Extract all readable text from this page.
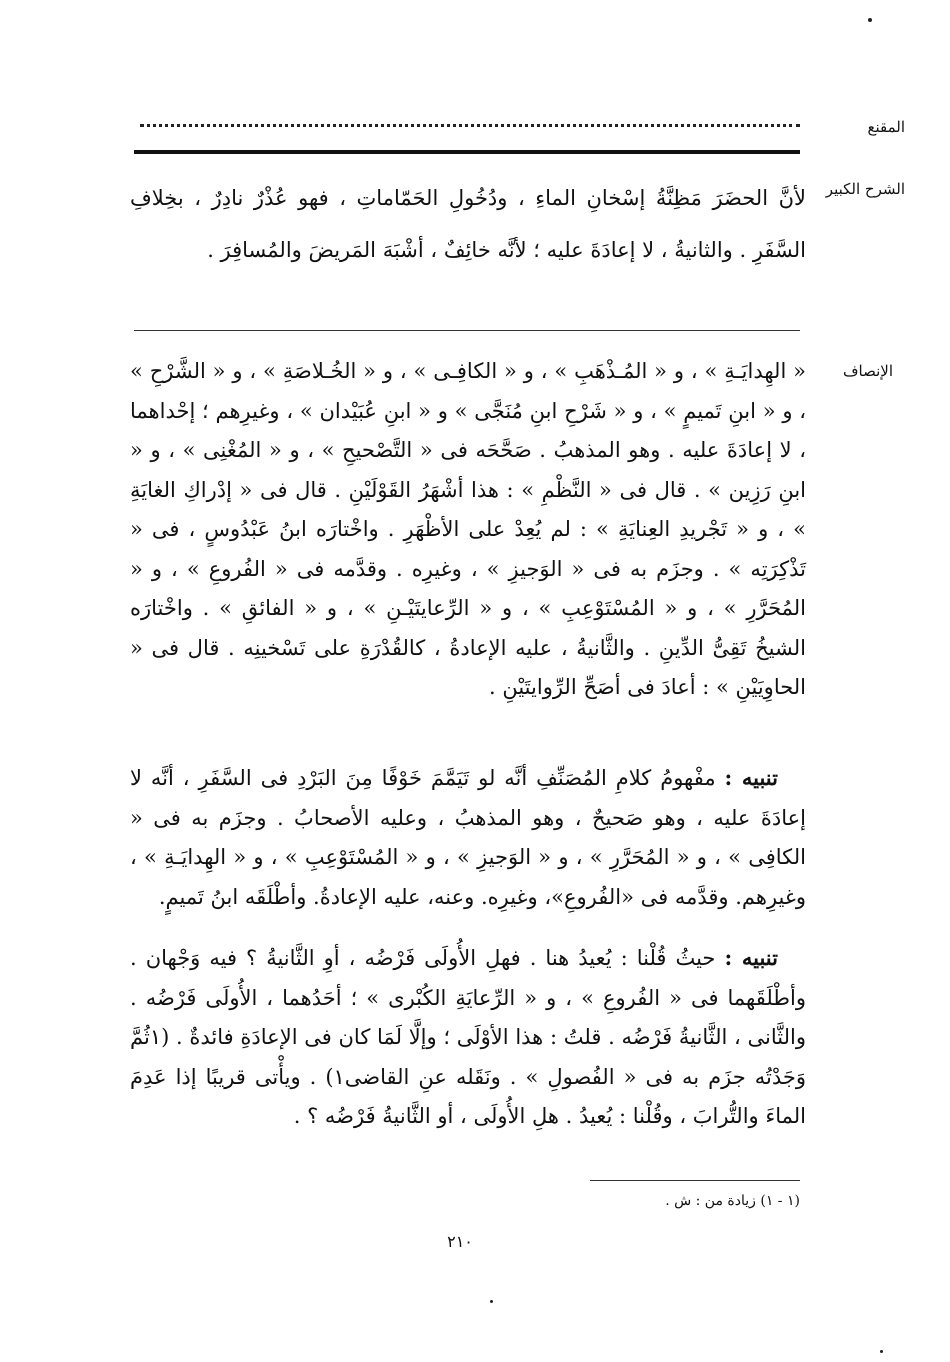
المقنع
الشرح الكبير
الإنصاف

لأنَّ الحضَرَ مَظِنَّةُ إسْخانِ الماءِ ، ودُخُولِ الحَمّاماتِ ، فهو عُذْرٌ نادِرٌ ، بخِلافِ السَّفَرِ . والثانيةُ ، لا إعادَةَ عليه ؛ لأنَّه خائِفٌ ، أشْبَهَ المَريضَ والمُسافِرَ .

« الهِدايَـةِ » ، و « المُـذْهَبِ » ، و « الكافِـى » ، و « الخُـلاصَةِ » ، و « الشَّرْحِ » ، و « ابنِ تَميمٍ » ، و « شَرْحِ ابنِ مُنَجَّى » و « ابنِ عُبَيْدان » ، وغيرِهم ؛ إحْداهما ، لا إعادَةَ عليه . وهو المذهبُ . صَحَّحَه فى « التَّصْحيحِ » ، و « المُغْنِى » ، و « ابنِ رَزِين » . قال فى « النَّظْمِ » : هذا أشْهَرُ القَوْلَيْنِ . قال فى « إدْراكِ الغايَةِ » ، و « تَجْريدِ العِنايَةِ » : لم يُعِدْ على الأظْهَرِ . واخْتارَه ابنُ عَبْدُوسٍ ، فى « تَذْكِرَتِه » . وجزَم به فى « الوَجيزِ » ، وغيرِه . وقدَّمه فى « الفُروعِ » ، و « المُحَرَّرِ » ، و « المُسْتَوْعِبِ » ، و « الرِّعايتَيْـنِ » ، و « الفائقِ » . واخْتارَه الشيخُ تَقِىُّ الدِّينِ . والثَّانيةُ ، عليه الإعادةُ ، كالقُدْرَةِ على تَسْخينِه . قال فى « الحاوِيَيْنِ » : أعادَ فى أصَحِّ الرِّوايتَيْنِ .

تنبيه : مفْهومُ كلامِ المُصَنِّفِ أنَّه لو تَيَمَّمَ خَوْفًا مِنَ البَرْدِ فى السَّفَرِ ، أنَّه لا إعادَةَ عليه ، وهو صَحيحٌ ، وهو المذهبُ ، وعليه الأصحابُ . وجزَم به فى « الكافِى » ، و « المُحَرَّرِ » ، و « الوَجيزِ » ، و « المُسْتَوْعِبِ » ، و « الهِدايَـةِ » ، وغيرِهم. وقدَّمه فى «الفُروعِ»، وغيرِه. وعنه، عليه الإعادةُ. وأطْلَقَه ابنُ تَميمٍ.

تنبيه : حيثُ قُلْنا : يُعيدُ هنا . فهلِ الأُولَى فَرْضُه ، أوِ الثَّانيةُ ؟ فيه وَجْهان . وأطْلَقَهما فى « الفُروعِ » ، و « الرِّعايَةِ الكُبْرى » ؛ أحَدُهما ، الأُولَى فَرْضُه . والثَّانى ، الثَّانيةُ فَرْضُه . قلتُ : هذا الأوْلَى ؛ وإلَّا لَمَا كان فى الإعادَةِ فائدةٌ . (١ثُمَّ وَجَدْتُه جزَم به فى « الفُصولِ » . ونَقَله عنِ القاضى١) . ويأْتى قريبًا إذا عَدِمَ الماءَ والتُّرابَ ، وقُلْنا : يُعيدُ . هلِ الأُولَى ، أو الثَّانيةُ فَرْضُه ؟ .

(١ - ١) زيادة من : ش .
٢١٠
